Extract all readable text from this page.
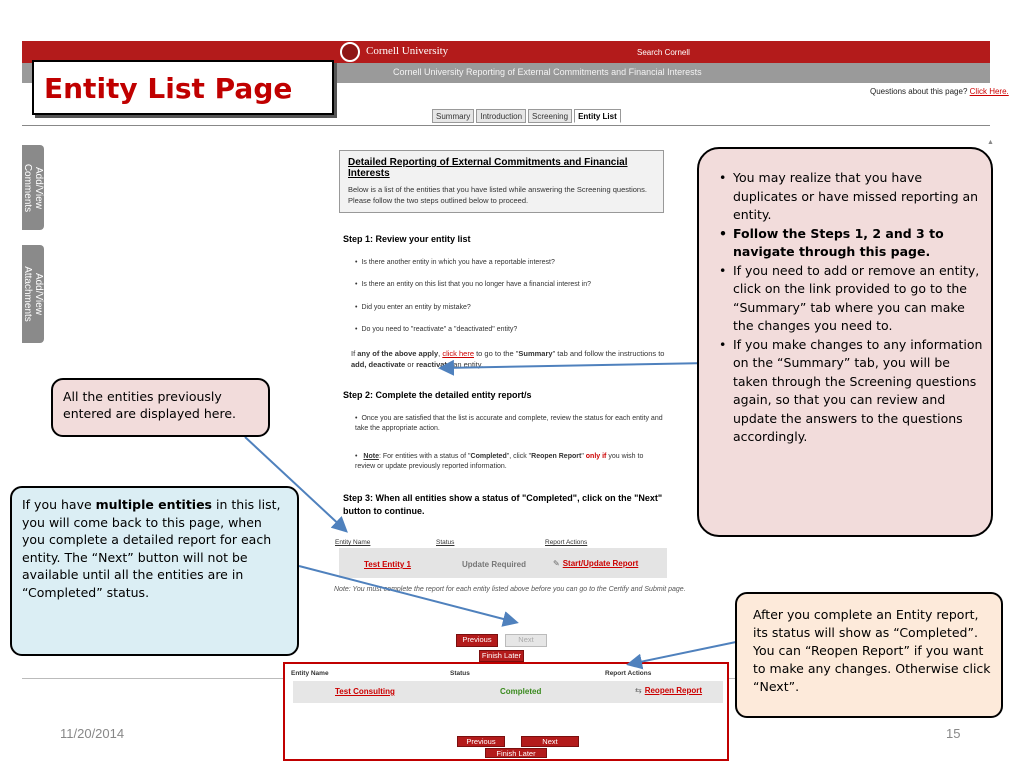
Cornell University	Search Cornell
Cornell University Reporting of External Commitments and Financial Interests
Entity List Page	Questions about this page? Click Here.
Summary	Introduction	Screening	Entity List
▲
Add/View
Comments
Add/View
Attachments
Detailed Reporting of External Commitments and Financial Interests
Below is a list of the entities that you have listed while answering the Screening questions. Please follow the two steps outlined below to proceed.
Step 1: Review your entity list
• Is there another entity in which you have a reportable interest?
• Is there an entity on this list that you no longer have a financial interest in?
• Did you enter an entity by mistake?
• Do you need to "reactivate" a "deactivated" entity?
If any of the above apply, click here to go to the "Summary" tab and follow the instructions to add, deactivate or reactivate an entity.
Step 2: Complete the detailed entity report/s
• Once you are satisfied that the list is accurate and complete, review the status for each entity and take the appropriate action.
• Note: For entities with a status of "Completed", click "Reopen Report" only if you wish to review or update previously reported information.
Step 3: When all entities show a status of "Completed", click on the "Next" button to continue.
Entity Name	Status	Report Actions
Test Entity 1	Update Required	✎ Start/Update Report
Note: You must complete the report for each entity listed above before you can go to the Certify and Submit page.
Previous	Next
Finish Later
11/20/2014	15
Entity Name	Status	Report Actions
Test Consulting	Completed	⇆ Reopen Report
Previous	Next
Finish Later
All the entities previously entered are displayed here.
If you have multiple entities in this list, you will come back to this page, when you complete a detailed report for each entity. The “Next” button will not be available until all the entities are in “Completed” status.
• You may realize that you have duplicates or have missed reporting an entity.
• Follow the Steps 1, 2 and 3 to navigate through this page.
• If you need to add or remove an entity, click on the link provided to go to the “Summary” tab where you can make the changes you need to.
• If you make changes to any information on the “Summary” tab, you will be taken through the Screening questions again, so that you can review and update the answers to the questions accordingly.
After you complete an Entity report, its status will show as “Completed”. You can “Reopen Report” if you want to make any changes. Otherwise click “Next”.
